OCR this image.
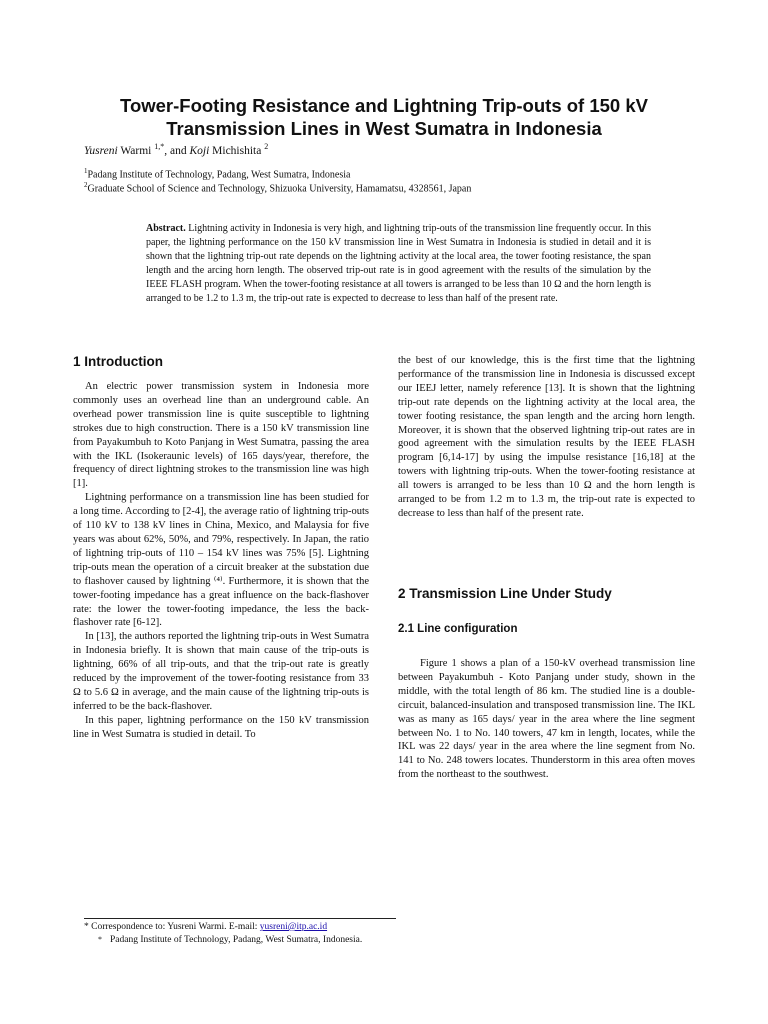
Tower-Footing Resistance and Lightning Trip-outs of 150 kV Transmission Lines in West Sumatra in Indonesia
Yusreni Warmi $^{1,*}$, and Koji Michishita $^2$
$^1$Padang Institute of Technology, Padang, West Sumatra, Indonesia
$^2$Graduate School of Science and Technology, Shizuoka University, Hamamatsu, 4328561, Japan

Abstract. Lightning activity in Indonesia is very high, and lightning trip-outs of the transmission line frequently occur. In this paper, the lightning performance on the 150 kV transmission line in West Sumatra in Indonesia is studied in detail and it is shown that the lightning trip-out rate depends on the lightning activity at the local area, the tower footing resistance, the span length and the arcing horn length. The observed trip-out rate is in good agreement with the results of the simulation by the IEEE FLASH program. When the tower-footing resistance at all towers is arranged to be less than 10 Ω and the horn length is arranged to be 1.2 to 1.3 m, the trip-out rate is expected to decrease to less than half of the present rate.

1 Introduction

An electric power transmission system in Indonesia more commonly uses an overhead line than an underground cable. An overhead power transmission line is quite susceptible to lightning strokes due to high construction. There is a 150 kV transmission line from Payakumbuh to Koto Panjang in West Sumatra, passing the area with the IKL (Isokeraunic levels) of 165 days/year, therefore, the frequency of direct lightning strokes to the transmission line was high [1].

Lightning performance on a transmission line has been studied for a long time. According to [2-4], the average ratio of lightning trip-outs of 110 kV to 138 kV lines in China, Mexico, and Malaysia for five years was about 62%, 50%, and 79%, respectively. In Japan, the ratio of lightning trip-outs of 110 – 154 kV lines was 75% [5]. Lightning trip-outs mean the operation of a circuit breaker at the substation due to flashover caused by lightning ⁽⁴⁾. Furthermore, it is shown that the tower-footing impedance has a great influence on the back-flashover rate: the lower the tower-footing impedance, the less the back-flashover rate [6-12].

In [13], the authors reported the lightning trip-outs in West Sumatra in Indonesia briefly. It is shown that main cause of the trip-outs is lightning, 66% of all trip-outs, and that the trip-out rate is greatly reduced by the improvement of the tower-footing resistance from 33 Ω to 5.6 Ω in average, and the main cause of the lightning trip-outs is inferred to be the back-flashover.

In this paper, lightning performance on the 150 kV transmission line in West Sumatra is studied in detail. To

the best of our knowledge, this is the first time that the lightning performance of the transmission line in Indonesia is discussed except our IEEJ letter, namely reference [13]. It is shown that the lightning trip-out rate depends on the lightning activity at the local area, the tower footing resistance, the span length and the arcing horn length. Moreover, it is shown that the observed lightning trip-out rates are in good agreement with the simulation results by the IEEE FLASH program [6,14-17] by using the impulse resistance [16,18] at the towers with lightning trip-outs. When the tower-footing resistance at all towers is arranged to be less than 10 Ω and the horn length is arranged to be from 1.2 m to 1.3 m, the trip-out rate is expected to decrease to less than half of the present rate.

2 Transmission Line Under Study
2.1 Line configuration

Figure 1 shows a plan of a 150-kV overhead transmission line between Payakumbuh - Koto Panjang under study, shown in the middle, with the total length of 86 km. The studied line is a double-circuit, balanced-insulation and transposed transmission line. The IKL was as many as 165 days/ year in the area where the line segment between No. 1 to No. 140 towers, 47 km in length, locates, while the IKL was 22 days/ year in the area where the line segment from No. 141 to No. 248 towers locates. Thunderstorm in this area often moves from the northeast to the southwest.

* Correspondence to: Yusreni Warmi. E-mail: yusreni@itp.ac.id
* Padang Institute of Technology, Padang, West Sumatra, Indonesia.
